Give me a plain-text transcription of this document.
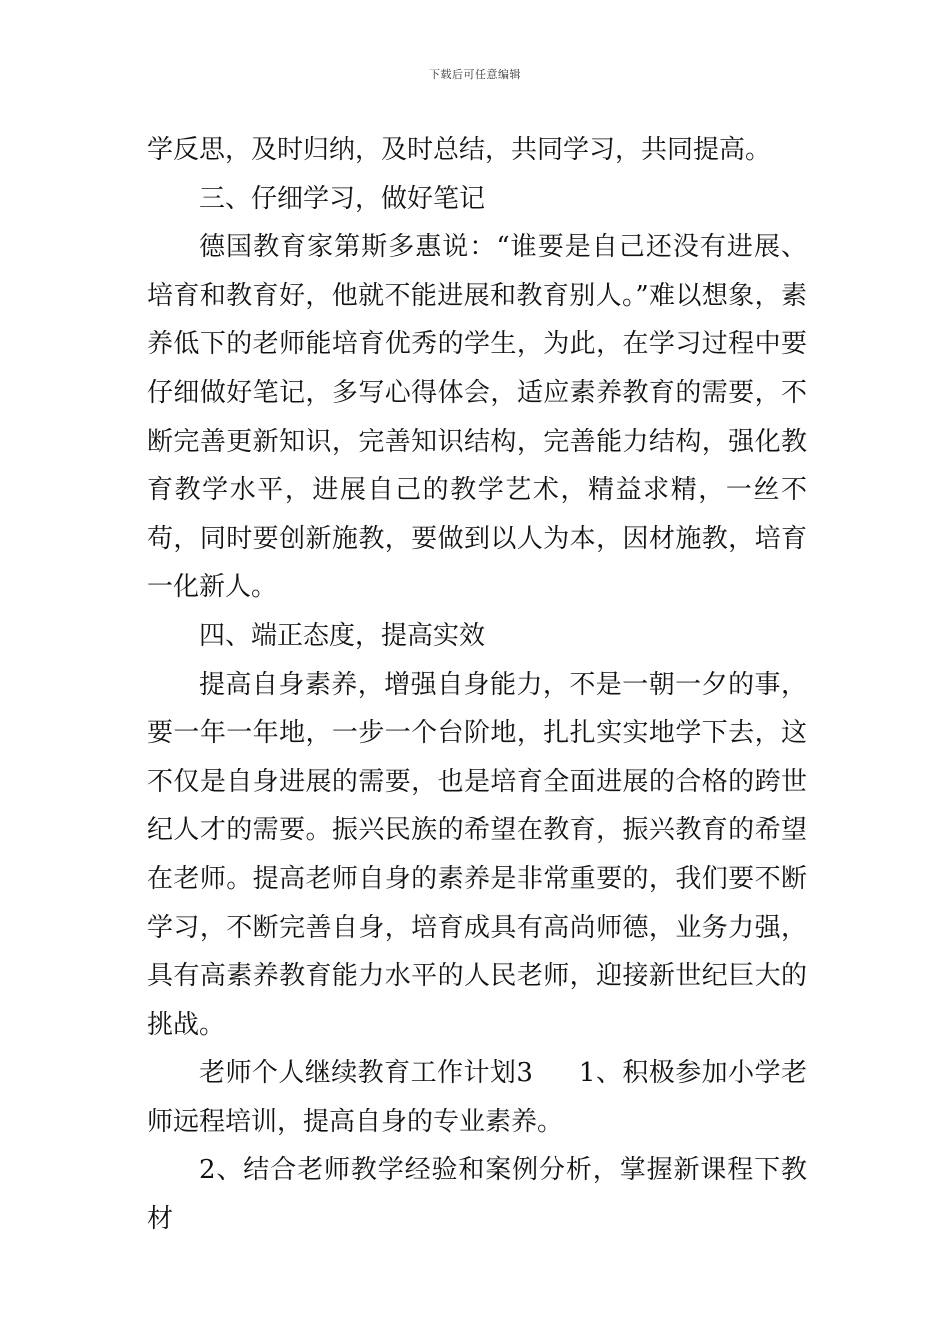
下载后可任意编辑

学反思，及时归纳，及时总结，共同学习，共同提高。

三、仔细学习，做好笔记

德国教育家第斯多惠说：“谁要是自己还没有进展、培育和教育好，他就不能进展和教育别人。”难以想象，素养低下的老师能培育优秀的学生，为此，在学习过程中要仔细做好笔记，多写心得体会，适应素养教育的需要，不断完善更新知识，完善知识结构，完善能力结构，强化教育教学水平，进展自己的教学艺术，精益求精，一丝不苟，同时要创新施教，要做到以人为本，因材施教，培育一化新人。

四、端正态度，提高实效

提高自身素养，增强自身能力，不是一朝一夕的事，要一年一年地，一步一个台阶地，扎扎实实地学下去，这不仅是自身进展的需要，也是培育全面进展的合格的跨世纪人才的需要。振兴民族的希望在教育，振兴教育的希望在老师。提高老师自身的素养是非常重要的，我们要不断学习，不断完善自身，培育成具有高尚师德，业务力强，具有高素养教育能力水平的人民老师，迎接新世纪巨大的挑战。

老师个人继续教育工作计划3 1、积极参加小学老师远程培训，提高自身的专业素养。

2、结合老师教学经验和案例分析，掌握新课程下教材
